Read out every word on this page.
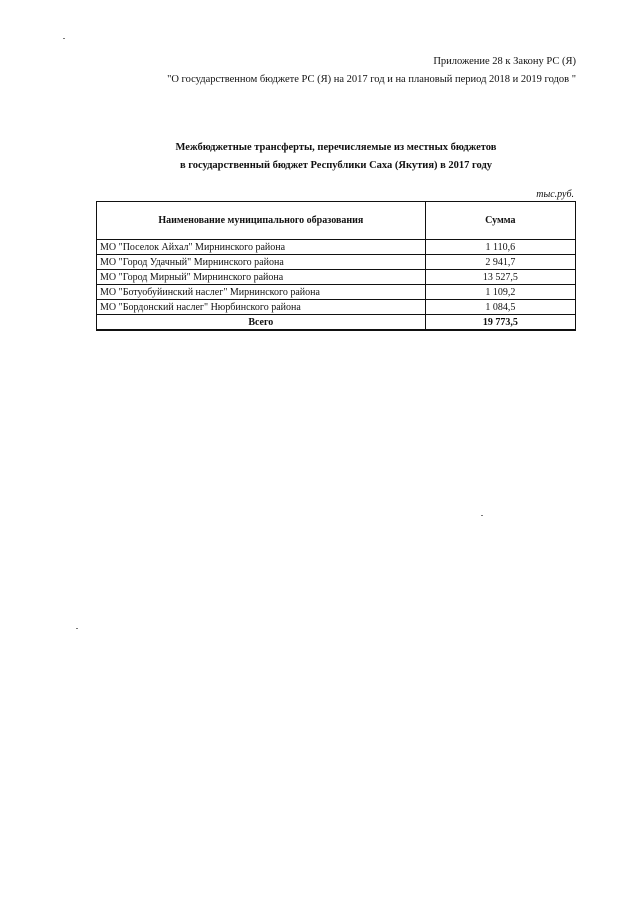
Приложение 28 к Закону РС (Я)
"О государственном бюджете РС (Я) на 2017 год и на плановый период 2018 и 2019 годов "
Межбюджетные трансферты, перечисляемые из местных бюджетов
в государственный бюджет Республики Саха (Якутия) в 2017 году
тыс.руб.
Наименование муниципального образования	Сумма
МО "Поселок Айхал" Мирнинского района	1 110,6
МО "Город Удачный" Мирнинского района	2 941,7
МО "Город Мирный" Мирнинского района	13 527,5
МО "Ботуобуйинский наслег" Мирнинского района	1 109,2
МО "Бордонский наслег" Нюрбинского района	1 084,5
Всего	19 773,5
